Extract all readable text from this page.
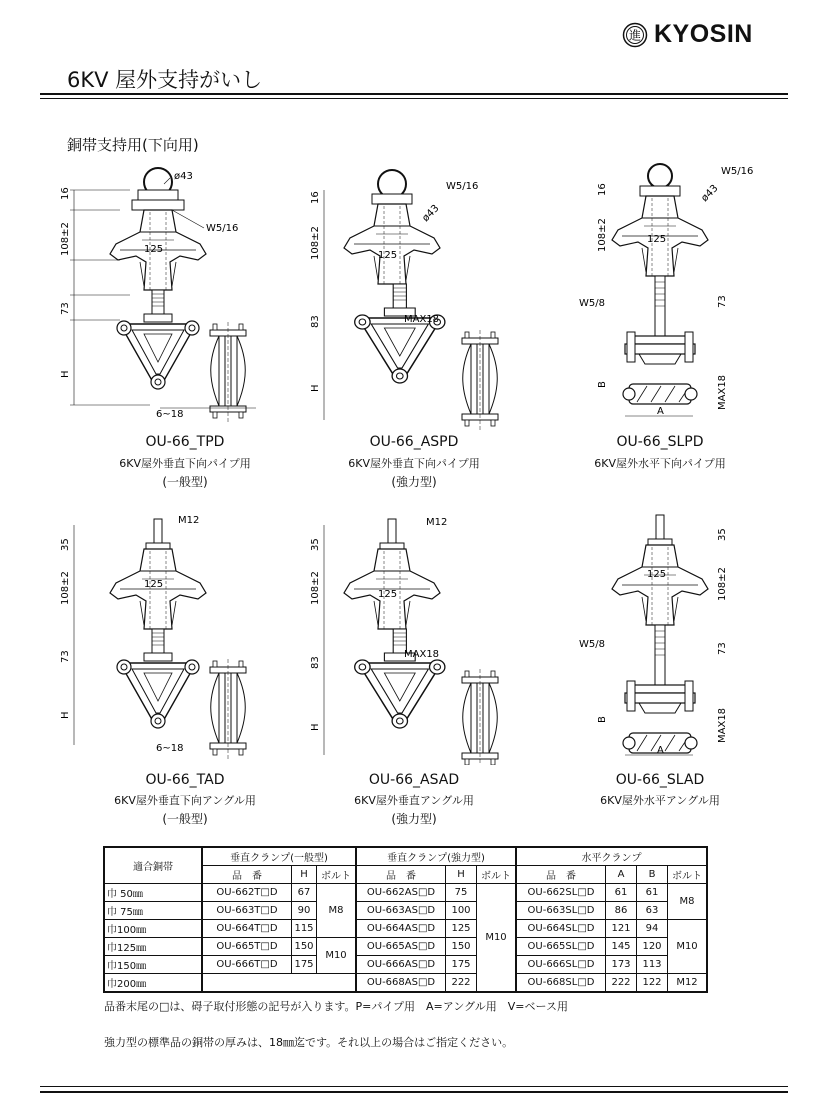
進 KYOSIN
6KV 屋外支持がいし
銅帯支持用(下向用)
16
108±2
73
H
ø43
W5/16
125
6~18
16
108±2
83
H
W5/16
ø43
125
MAX18
16
108±2
73
B	MAX18
W5/16
ø43
125
W5/8
A
35
108±2
73
H
M12
125
6~18
35
108±2
83
H
M12
125
MAX18
35
108±2
73
B	MAX18
125
W5/8
A
OU-66_TPD
6KV屋外垂直下向パイプ用
(一般型)
OU-66_ASPD
6KV屋外垂直下向パイプ用
(強力型)
OU-66_SLPD
6KV屋外水平下向パイプ用
OU-66_TAD
6KV屋外垂直下向アングル用
(一般型)
OU-66_ASAD
6KV屋外垂直アングル用
(強力型)
OU-66_SLAD
6KV屋外水平アングル用
適合銅帯	垂直クランプ(一般型)			垂直クランプ(強力型)			水平クランプ			
	品　番	H	ボルト	品　番	H	ボルト	品　番	A	B	ボルト
巾 50㎜	OU-662T□D	67	M8	OU-662AS□D	75	M10	OU-662SL□D	61	61	M8
巾 75㎜	OU-663T□D	90		OU-663AS□D	100		OU-663SL□D	86	63	
巾100㎜	OU-664T□D	115		OU-664AS□D	125		OU-664SL□D	121	94	M10
巾125㎜	OU-665T□D	150	M10	OU-665AS□D	150		OU-665SL□D	145	120	
巾150㎜	OU-666T□D	175		OU-666AS□D	175		OU-666SL□D	173	113	
巾200㎜				OU-668AS□D	222		OU-668SL□D	222	122	M12
品番末尾の□は、碍子取付形態の記号が入ります。P=パイプ用　A=アングル用　V=ベース用
強力型の標準品の銅帯の厚みは、18㎜迄です。それ以上の場合はご指定ください。
